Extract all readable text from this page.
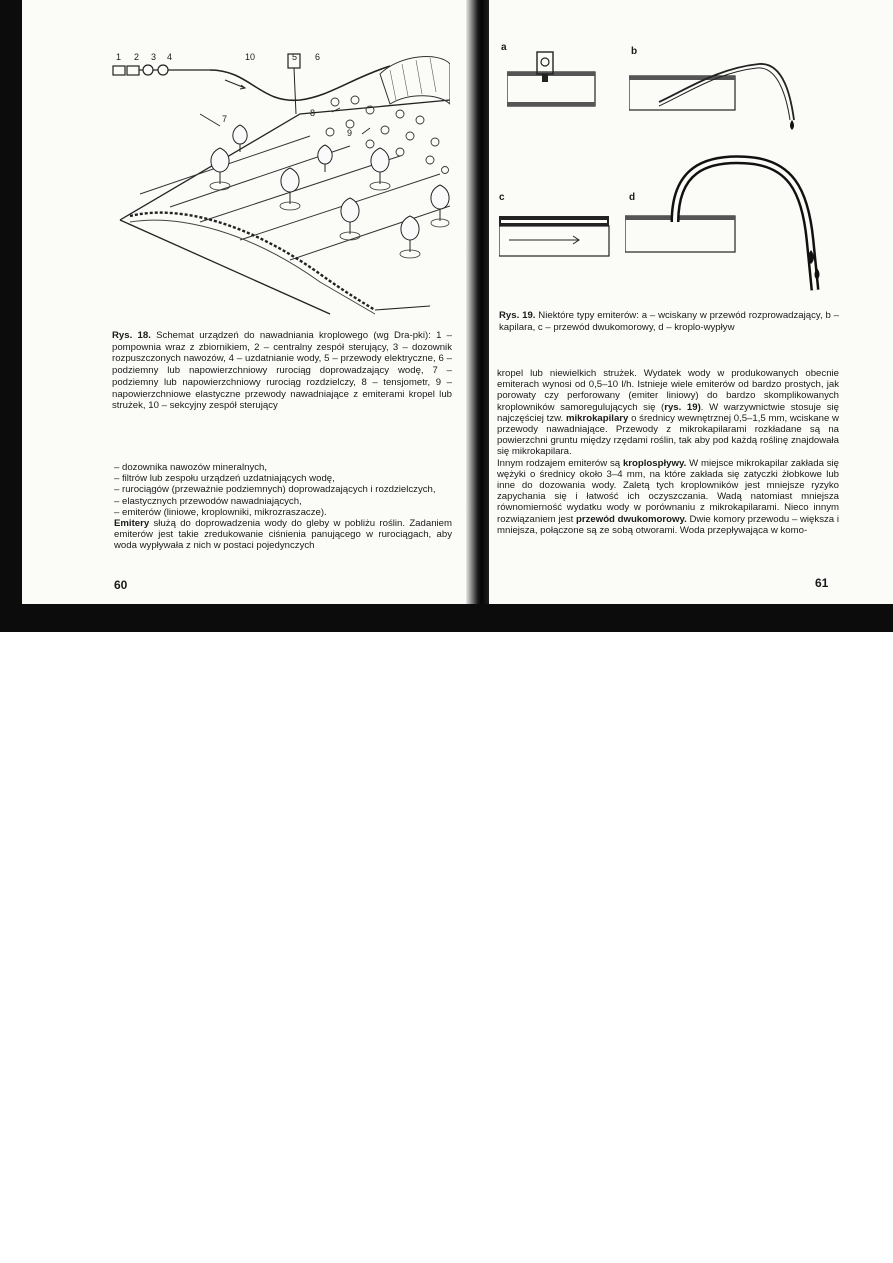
1 2 3 4	10	5 6
7
8
9
Rys. 18. Schemat urządzeń do nawadniania kroplowego (wg Dra-pki): 1 – pompownia wraz z zbiornikiem, 2 – centralny zespół sterujący, 3 – dozownik rozpuszczonych nawozów, 4 – uzdatnianie wody, 5 – przewody elektryczne, 6 – podziemny lub napowierzchniowy rurociąg doprowadzający wodę, 7 – podziemny lub napowierzchniowy rurociąg rozdzielczy, 8 – tensjometr, 9 – napowierzchniowe elastyczne przewody nawadniające z emiterami kropel lub strużek, 10 – sekcyjny zespół sterujący
– dozownika nawozów mineralnych,
– filtrów lub zespołu urządzeń uzdatniających wodę,
– rurociągów (przeważnie podziemnych) doprowadzających i rozdzielczych,
– elastycznych przewodów nawadniających,
– emiterów (liniowe, kroplowniki, mikrozraszacze).

Emitery służą do doprowadzenia wody do gleby w pobliżu roślin. Zadaniem emiterów jest takie zredukowanie ciśnienia panującego w rurociągach, aby woda wypływała z nich w postaci pojedynczych

60
a	b
c	d
Rys. 19. Niektóre typy emiterów: a – wciskany w przewód rozprowadzający, b – kapilara, c – przewód dwukomorowy, d – kroplo-wypływ

kropel lub niewielkich strużek. Wydatek wody w produkowanych obecnie emiterach wynosi od 0,5–10 l/h. Istnieje wiele emiterów od bardzo prostych, jak porowaty czy perforowany (emiter liniowy) do bardzo skomplikowanych kroplowników samoregulujących się (rys. 19). W warzywnictwie stosuje się najczęściej tzw. mikrokapilary o średnicy wewnętrznej 0,5–1,5 mm, wciskane w przewody nawadniające. Przewody z mikrokapilarami rozkładane są na powierzchni gruntu między rzędami roślin, tak aby pod każdą roślinę znajdowała się mikrokapilara.

Innym rodzajem emiterów są kroplospływy. W miejsce mikrokapilar zakłada się wężyki o średnicy około 3–4 mm, na które zakłada się zatyczki żłobkowe lub inne do dozowania wody. Zaletą tych kroplowników jest mniejsze ryzyko zapychania się i łatwość ich oczyszczania. Wadą natomiast mniejsza równomierność wydatku wody w porównaniu z mikrokapilarami. Nieco innym rozwiązaniem jest przewód dwukomorowy. Dwie komory przewodu – większa i mniejsza, połączone są ze sobą otworami. Woda przepływająca w komo-

61
